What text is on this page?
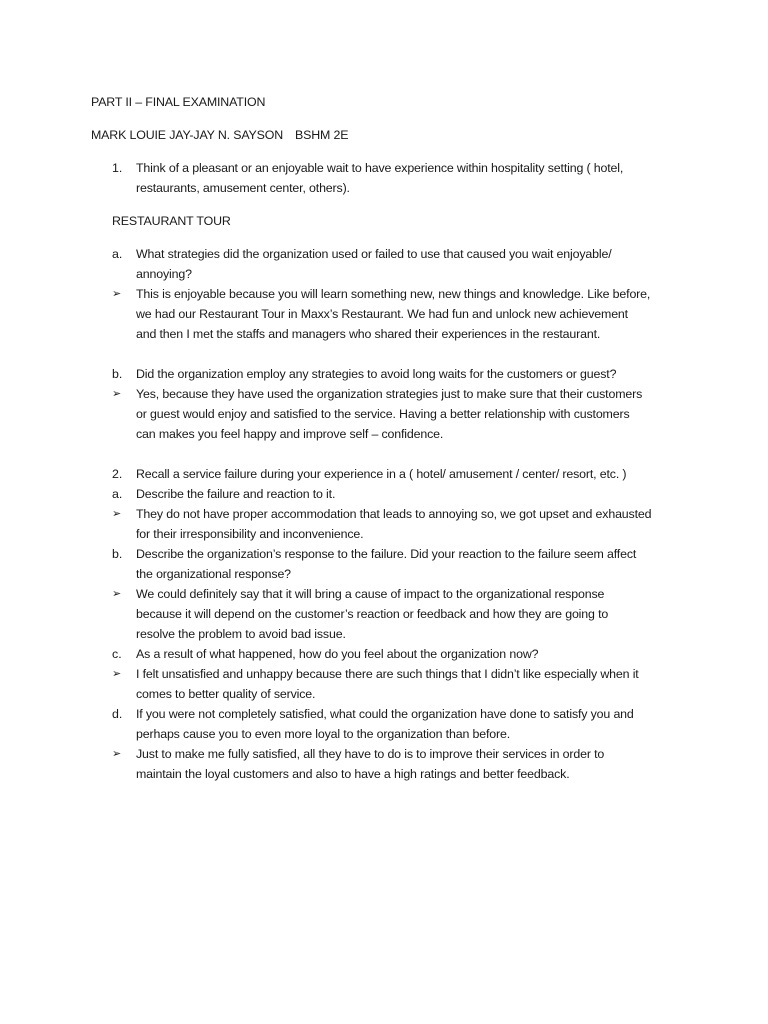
PART II – FINAL EXAMINATION
MARK LOUIE JAY-JAY N. SAYSON BSHM 2E
1. Think of a pleasant or an enjoyable wait to have experience within hospitality setting ( hotel,
restaurants, amusement center, others).
RESTAURANT TOUR
a. What strategies did the organization used or failed to use that caused you wait enjoyable/
annoying?
➢ This is enjoyable because you will learn something new, new things and knowledge. Like before,
we had our Restaurant Tour in Maxx’s Restaurant. We had fun and unlock new achievement
and then I met the staffs and managers who shared their experiences in the restaurant.
b. Did the organization employ any strategies to avoid long waits for the customers or guest?
➢ Yes, because they have used the organization strategies just to make sure that their customers
or guest would enjoy and satisfied to the service. Having a better relationship with customers
can makes you feel happy and improve self – confidence.
2. Recall a service failure during your experience in a ( hotel/ amusement / center/ resort, etc. )
a. Describe the failure and reaction to it.
➢ They do not have proper accommodation that leads to annoying so, we got upset and exhausted
for their irresponsibility and inconvenience.
b. Describe the organization’s response to the failure. Did your reaction to the failure seem affect
the organizational response?
➢ We could definitely say that it will bring a cause of impact to the organizational response
because it will depend on the customer’s reaction or feedback and how they are going to
resolve the problem to avoid bad issue.
c. As a result of what happened, how do you feel about the organization now?
➢ I felt unsatisfied and unhappy because there are such things that I didn’t like especially when it
comes to better quality of service.
d. If you were not completely satisfied, what could the organization have done to satisfy you and
perhaps cause you to even more loyal to the organization than before.
➢ Just to make me fully satisfied, all they have to do is to improve their services in order to
maintain the loyal customers and also to have a high ratings and better feedback.
